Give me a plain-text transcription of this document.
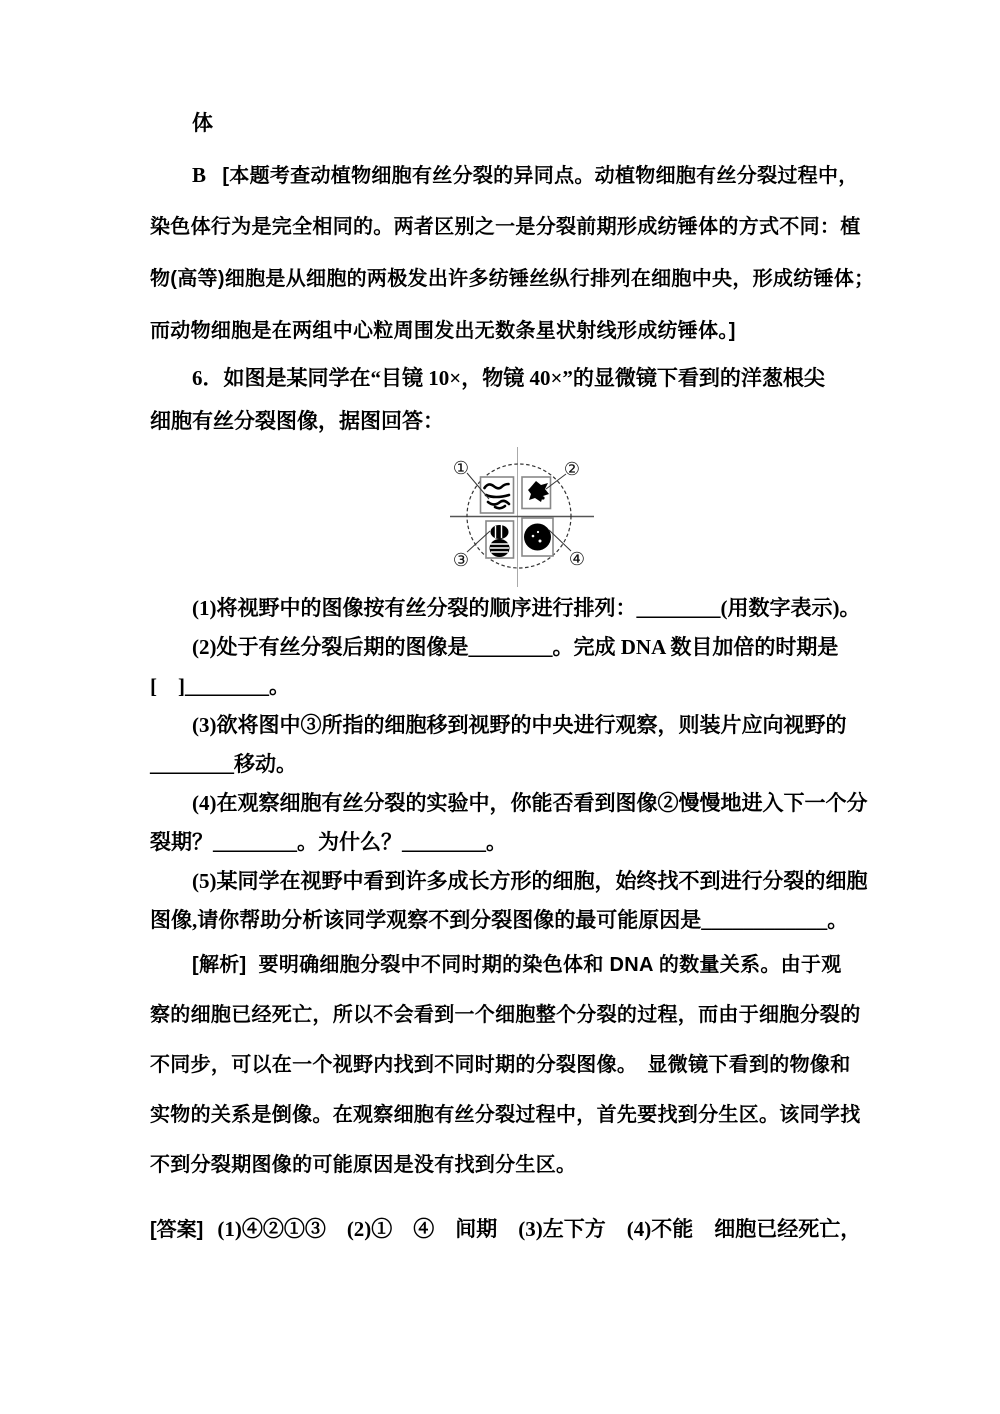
体
B [本题考查动植物细胞有丝分裂的异同点。动植物细胞有丝分裂过程中，
染色体行为是完全相同的。两者区别之一是分裂前期形成纺锤体的方式不同：植
物(高等)细胞是从细胞的两极发出许多纺锤丝纵行排列在细胞中央，形成纺锤体；
而动物细胞是在两组中心粒周围发出无数条星状射线形成纺锤体。]
6．如图是某同学在“目镜 10×，物镜 40×”的显微镜下看到的洋葱根尖
细胞有丝分裂图像，据图回答：
①	②
③	④
(1)将视野中的图像按有丝分裂的顺序进行排列：________(用数字表示)。
(2)处于有丝分裂后期的图像是________。完成 DNA 数目加倍的时期是
[　]________。
(3)欲将图中③所指的细胞移到视野的中央进行观察，则装片应向视野的
________移动。
(4)在观察细胞有丝分裂的实验中，你能否看到图像②慢慢地进入下一个分
裂期？________。为什么？________。
(5)某同学在视野中看到许多成长方形的细胞，始终找不到进行分裂的细胞
图像,请你帮助分析该同学观察不到分裂图像的最可能原因是____________。
[解析] 要明确细胞分裂中不同时期的染色体和 DNA 的数量关系。由于观
察的细胞已经死亡，所以不会看到一个细胞整个分裂的过程，而由于细胞分裂的
不同步，可以在一个视野内找到不同时期的分裂图像。　显微镜下看到的物像和
实物的关系是倒像。在观察细胞有丝分裂过程中，首先要找到分生区。该同学找
不到分裂期图像的可能原因是没有找到分生区。
[答案] (1)④②①③　(2)①　④　间期　(3)左下方　(4)不能　细胞已经死亡，
